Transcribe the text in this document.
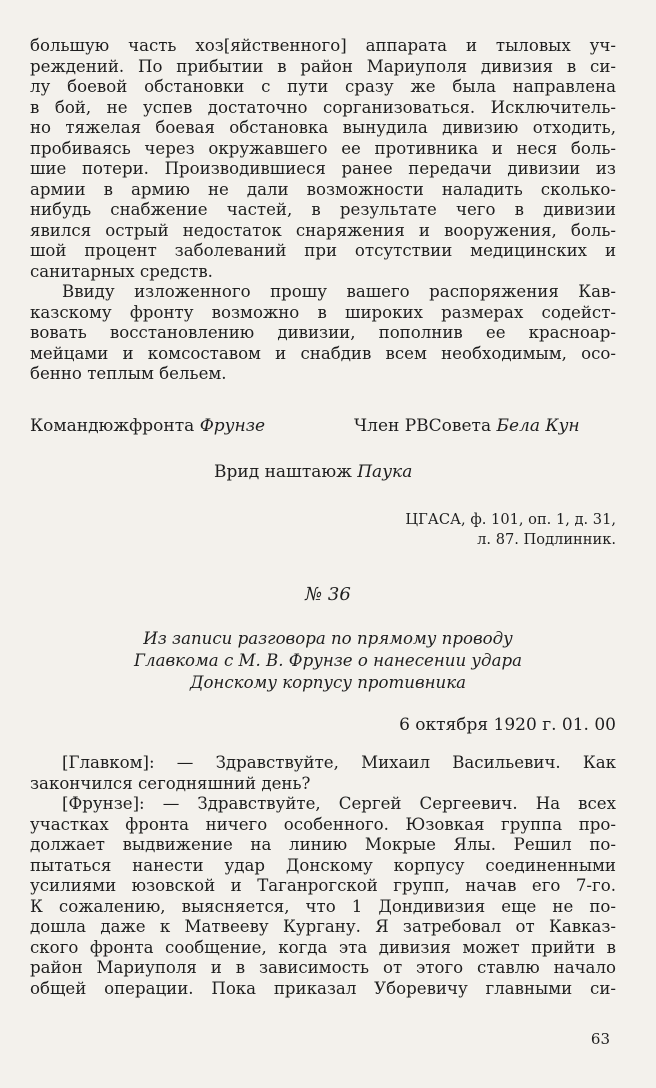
большую часть хоз[яйственного] аппарата и тыловых уч-
реждений. По прибытии в район Мариуполя дивизия в си-
лу боевой обстановки с пути сразу же была направлена
в бой, не успев достаточно сорганизоваться. Исключитель-
но тяжелая боевая обстановка вынудила дивизию отходить,
пробиваясь через окружавшего ее противника и неся боль-
шие потери. Производившиеся ранее передачи дивизии из
армии в армию не дали возможности наладить сколько-
нибудь снабжение частей, в результате чего в дивизии
явился острый недостаток снаряжения и вооружения, боль-
шой процент заболеваний при отсутствии медицинских и
санитарных средств.
Ввиду изложенного прошу вашего распоряжения Кав-
казскому фронту возможно в широких размерах содейст-
вовать восстановлению дивизии, пополнив ее красноар-
мейцами и комсоставом и снабдив всем необходимым, осо-
бенно теплым бельем.

Командюжфронта Фрунзе	Член РВСовета Бела Кун

Врид наштаюж Паука

ЦГАСА, ф. 101, оп. 1, д. 31,
л. 87. Подлинник.

№ 36

Из записи разговора по прямому проводу
Главкома с М. В. Фрунзе о нанесении удара
Донскому корпусу противника

6 октября 1920 г. 01. 00

[Главком]: — Здравствуйте, Михаил Васильевич. Как
закончился сегодняшний день?
[Фрунзе]: — Здравствуйте, Сергей Сергеевич. На всех
участках фронта ничего особенного. Юзовкая группа про-
должает выдвижение на линию Мокрые Ялы. Решил по-
пытаться нанести удар Донскому корпусу соединенными
усилиями юзовской и Таганрогской групп, начав его 7-го.
К сожалению, выясняется, что 1 Дондивизия еще не по-
дошла даже к Матвееву Кургану. Я затребовал от Кавказ-
ского фронта сообщение, когда эта дивизия может прийти в
район Мариуполя и в зависимость от этого ставлю начало
общей операции. Пока приказал Уборевичу главными си-

63
